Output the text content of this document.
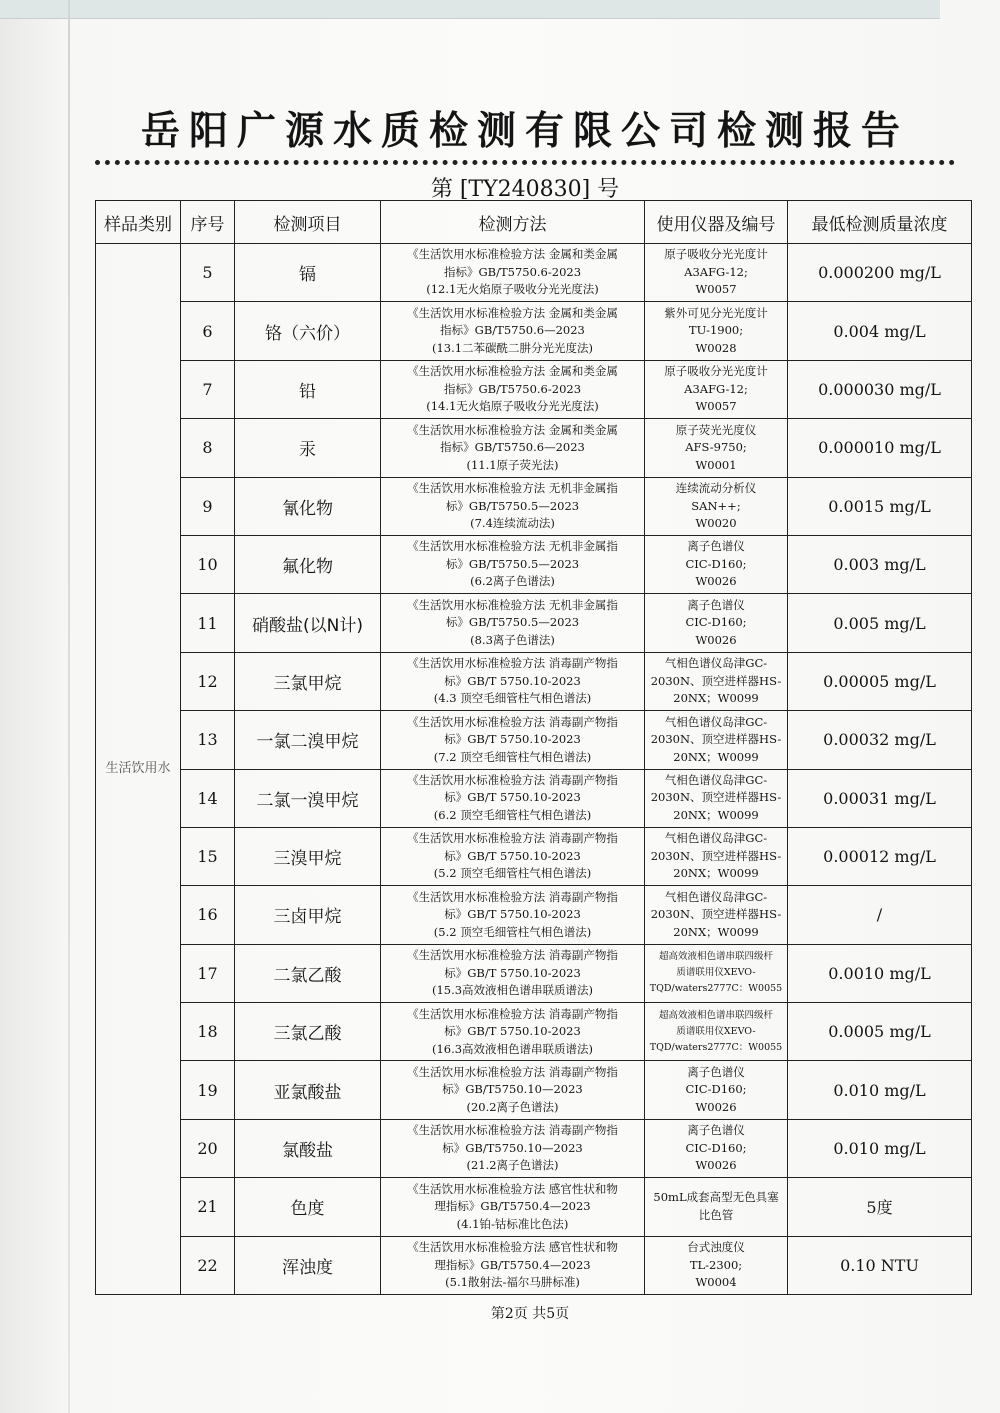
岳阳广源水质检测有限公司检测报告
第 [TY240830] 号
样品类别	序号	检测项目	检测方法	使用仪器及编号	最低检测质量浓度
生活饮用水	5	镉	《生活饮用水标准检验方法 金属和类金属
指标》GB/T5750.6-2023
(12.1无火焰原子吸收分光光度法)	原子吸收分光光度计
A3AFG-12;
W0057	0.000200 mg/L
	6	铬（六价）	《生活饮用水标准检验方法 金属和类金属
指标》GB/T5750.6—2023
(13.1二苯碳酰二肼分光光度法)	紫外可见分光光度计
TU-1900;
W0028	0.004 mg/L
	7	铅	《生活饮用水标准检验方法 金属和类金属
指标》GB/T5750.6-2023
(14.1无火焰原子吸收分光光度法)	原子吸收分光光度计
A3AFG-12;
W0057	0.000030 mg/L
	8	汞	《生活饮用水标准检验方法 金属和类金属
指标》GB/T5750.6—2023
(11.1原子荧光法)	原子荧光光度仪
AFS-9750;
W0001	0.000010 mg/L
	9	氰化物	《生活饮用水标准检验方法 无机非金属指
标》GB/T5750.5—2023
(7.4连续流动法)	连续流动分析仪
SAN++;
W0020	0.0015 mg/L
	10	氟化物	《生活饮用水标准检验方法 无机非金属指
标》GB/T5750.5—2023
(6.2离子色谱法)	离子色谱仪
CIC-D160;
W0026	0.003 mg/L
	11	硝酸盐(以N计)	《生活饮用水标准检验方法 无机非金属指
标》GB/T5750.5—2023
(8.3离子色谱法)	离子色谱仪
CIC-D160;
W0026	0.005 mg/L
	12	三氯甲烷	《生活饮用水标准检验方法 消毒副产物指
标》GB/T 5750.10-2023
(4.3 顶空毛细管柱气相色谱法)	气相色谱仪岛津GC-
2030N、顶空进样器HS-
20NX；W0099	0.00005 mg/L
	13	一氯二溴甲烷	《生活饮用水标准检验方法 消毒副产物指
标》GB/T 5750.10-2023
(7.2 顶空毛细管柱气相色谱法)	气相色谱仪岛津GC-
2030N、顶空进样器HS-
20NX；W0099	0.00032 mg/L
	14	二氯一溴甲烷	《生活饮用水标准检验方法 消毒副产物指
标》GB/T 5750.10-2023
(6.2 顶空毛细管柱气相色谱法)	气相色谱仪岛津GC-
2030N、顶空进样器HS-
20NX；W0099	0.00031 mg/L
	15	三溴甲烷	《生活饮用水标准检验方法 消毒副产物指
标》GB/T 5750.10-2023
(5.2 顶空毛细管柱气相色谱法)	气相色谱仪岛津GC-
2030N、顶空进样器HS-
20NX；W0099	0.00012 mg/L
	16	三卤甲烷	《生活饮用水标准检验方法 消毒副产物指
标》GB/T 5750.10-2023
(5.2 顶空毛细管柱气相色谱法)	气相色谱仪岛津GC-
2030N、顶空进样器HS-
20NX；W0099	/
	17	二氯乙酸	《生活饮用水标准检验方法 消毒副产物指
标》GB/T 5750.10-2023
(15.3高效液相色谱串联质谱法)	超高效液相色谱串联四级杆
质谱联用仪XEVO-
TQD/waters2777C：W0055	0.0010 mg/L
	18	三氯乙酸	《生活饮用水标准检验方法 消毒副产物指
标》GB/T 5750.10-2023
(16.3高效液相色谱串联质谱法)	超高效液相色谱串联四级杆
质谱联用仪XEVO-
TQD/waters2777C：W0055	0.0005 mg/L
	19	亚氯酸盐	《生活饮用水标准检验方法 消毒副产物指
标》GB/T5750.10—2023
(20.2离子色谱法)	离子色谱仪
CIC-D160;
W0026	0.010 mg/L
	20	氯酸盐	《生活饮用水标准检验方法 消毒副产物指
标》GB/T5750.10—2023
(21.2离子色谱法)	离子色谱仪
CIC-D160;
W0026	0.010 mg/L
	21	色度	《生活饮用水标准检验方法 感官性状和物
理指标》GB/T5750.4—2023
(4.1铂-钴标准比色法)	50mL成套高型无色具塞
比色管	5度
	22	浑浊度	《生活饮用水标准检验方法 感官性状和物
理指标》GB/T5750.4—2023
(5.1散射法-福尔马肼标准)	台式浊度仪
TL-2300;
W0004	0.10 NTU
第2页 共5页
